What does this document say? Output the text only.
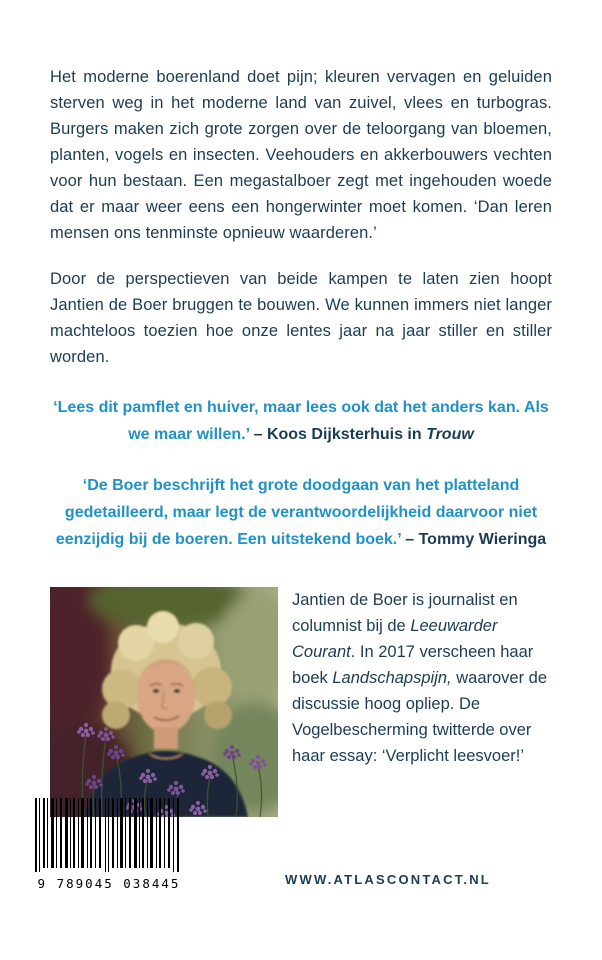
Het moderne boerenland doet pijn; kleuren vervagen en geluiden sterven weg in het moderne land van zuivel, vlees en turbogras. Burgers maken zich grote zorgen over de teloorgang van bloemen, planten, vogels en insecten. Veehouders en akkerbouwers vechten voor hun bestaan. Een megastalboer zegt met ingehouden woede dat er maar weer eens een hongerwinter moet komen. ‘Dan leren mensen ons tenminste opnieuw waarderen.’

Door de perspectieven van beide kampen te laten zien hoopt Jantien de Boer bruggen te bouwen. We kunnen immers niet langer machteloos toezien hoe onze lentes jaar na jaar stiller en stiller worden.

‘Lees dit pamflet en huiver, maar lees ook dat het anders kan. Als we maar willen.’ – Koos Dijksterhuis in Trouw

‘De Boer beschrijft het grote doodgaan van het platteland gedetailleerd, maar legt de verantwoordelijkheid daarvoor niet eenzijdig bij de boeren. Een uitstekend boek.’ – Tommy Wieringa

Jantien de Boer is journalist en columnist bij de Leeuwarder Courant. In 2017 verscheen haar boek Landschapspijn, waarover de discussie hoog opliep. De Vogelbescherming twitterde over haar essay: ‘Verplicht leesvoer!’

9 789045 038445	WWW.ATLASCONTACT.NL
